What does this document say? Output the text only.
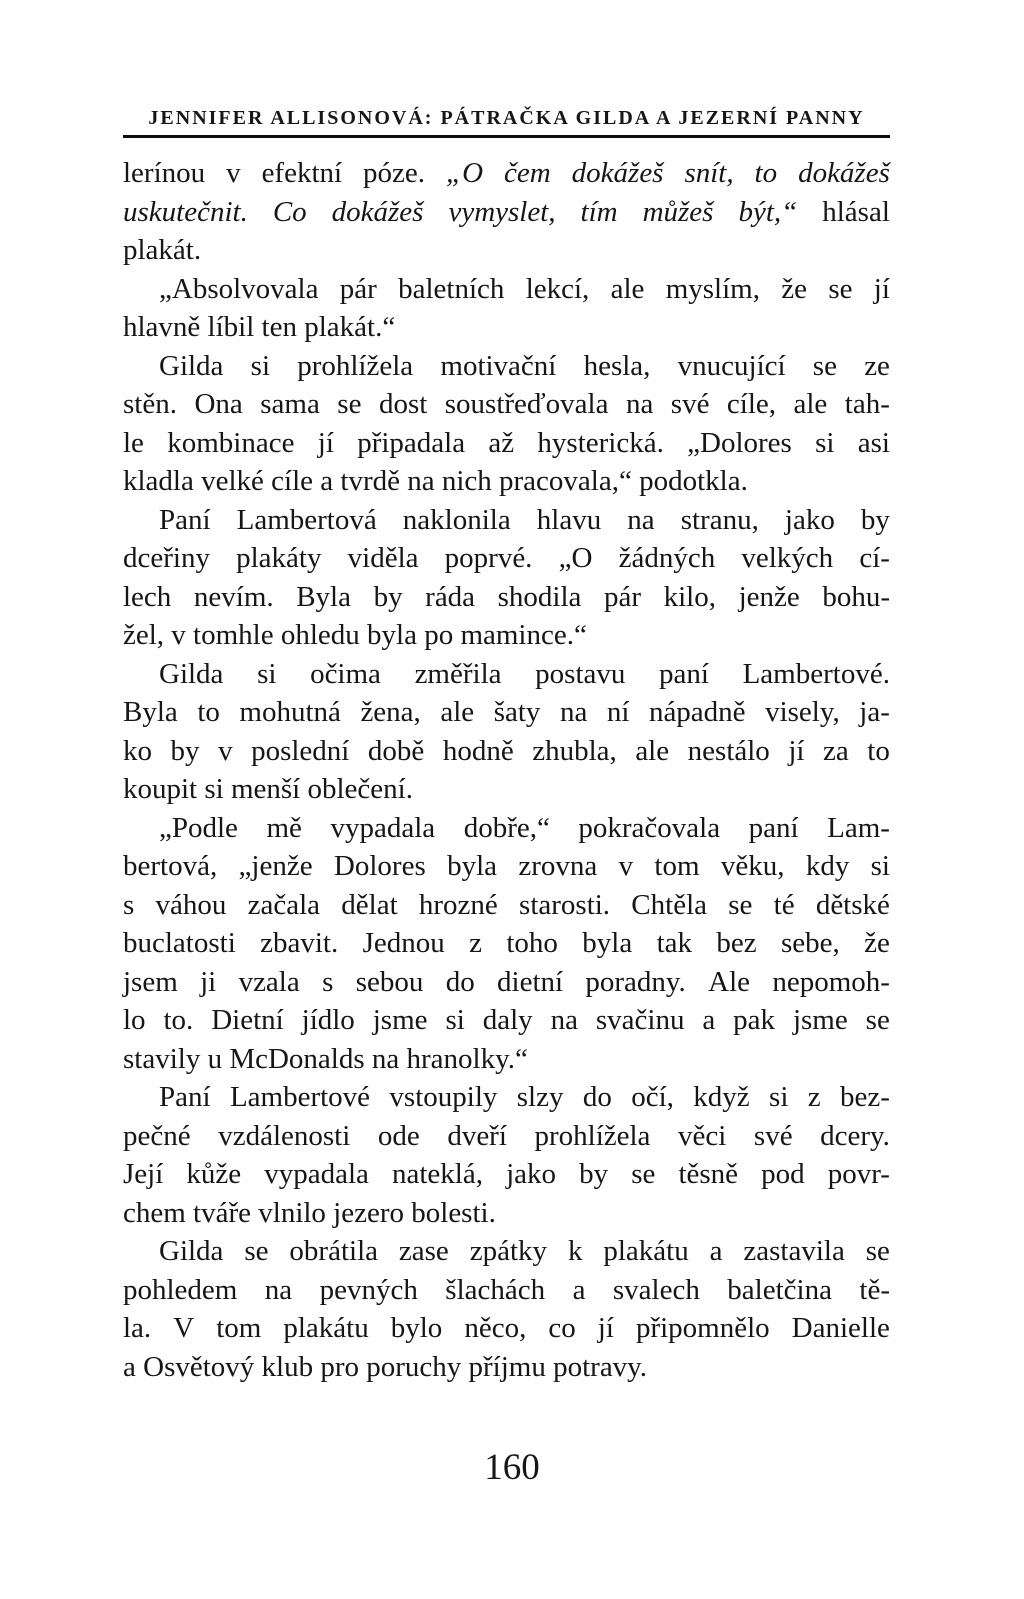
JENNIFER ALLISONOVÁ: PÁTRAČKA GILDA A JEZERNÍ PANNY
lerínou v efektní póze. „O čem dokážeš snít, to dokážeš
uskutečnit. Co dokážeš vymyslet, tím můžeš být,“ hlásal
plakát.
„Absolvovala pár baletních lekcí, ale myslím, že se jí
hlavně líbil ten plakát.“
Gilda si prohlížela motivační hesla, vnucující se ze
stěn. Ona sama se dost soustřeďovala na své cíle, ale tah-
le kombinace jí připadala až hysterická. „Dolores si asi
kladla velké cíle a tvrdě na nich pracovala,“ podotkla.
Paní Lambertová naklonila hlavu na stranu, jako by
dceřiny plakáty viděla poprvé. „O žádných velkých cí-
lech nevím. Byla by ráda shodila pár kilo, jenže bohu-
žel, v tomhle ohledu byla po mamince.“
Gilda si očima změřila postavu paní Lambertové.
Byla to mohutná žena, ale šaty na ní nápadně visely, ja-
ko by v poslední době hodně zhubla, ale nestálo jí za to
koupit si menší oblečení.
„Podle mě vypadala dobře,“ pokračovala paní Lam-
bertová, „jenže Dolores byla zrovna v tom věku, kdy si
s váhou začala dělat hrozné starosti. Chtěla se té dětské
buclatosti zbavit. Jednou z toho byla tak bez sebe, že
jsem ji vzala s sebou do dietní poradny. Ale nepomoh-
lo to. Dietní jídlo jsme si daly na svačinu a pak jsme se
stavily u McDonalds na hranolky.“
Paní Lambertové vstoupily slzy do očí, když si z bez-
pečné vzdálenosti ode dveří prohlížela věci své dcery.
Její kůže vypadala nateklá, jako by se těsně pod povr-
chem tváře vlnilo jezero bolesti.
Gilda se obrátila zase zpátky k plakátu a zastavila se
pohledem na pevných šlachách a svalech baletčina tě-
la. V tom plakátu bylo něco, co jí připomnělo Danielle
a Osvětový klub pro poruchy příjmu potravy.
160
